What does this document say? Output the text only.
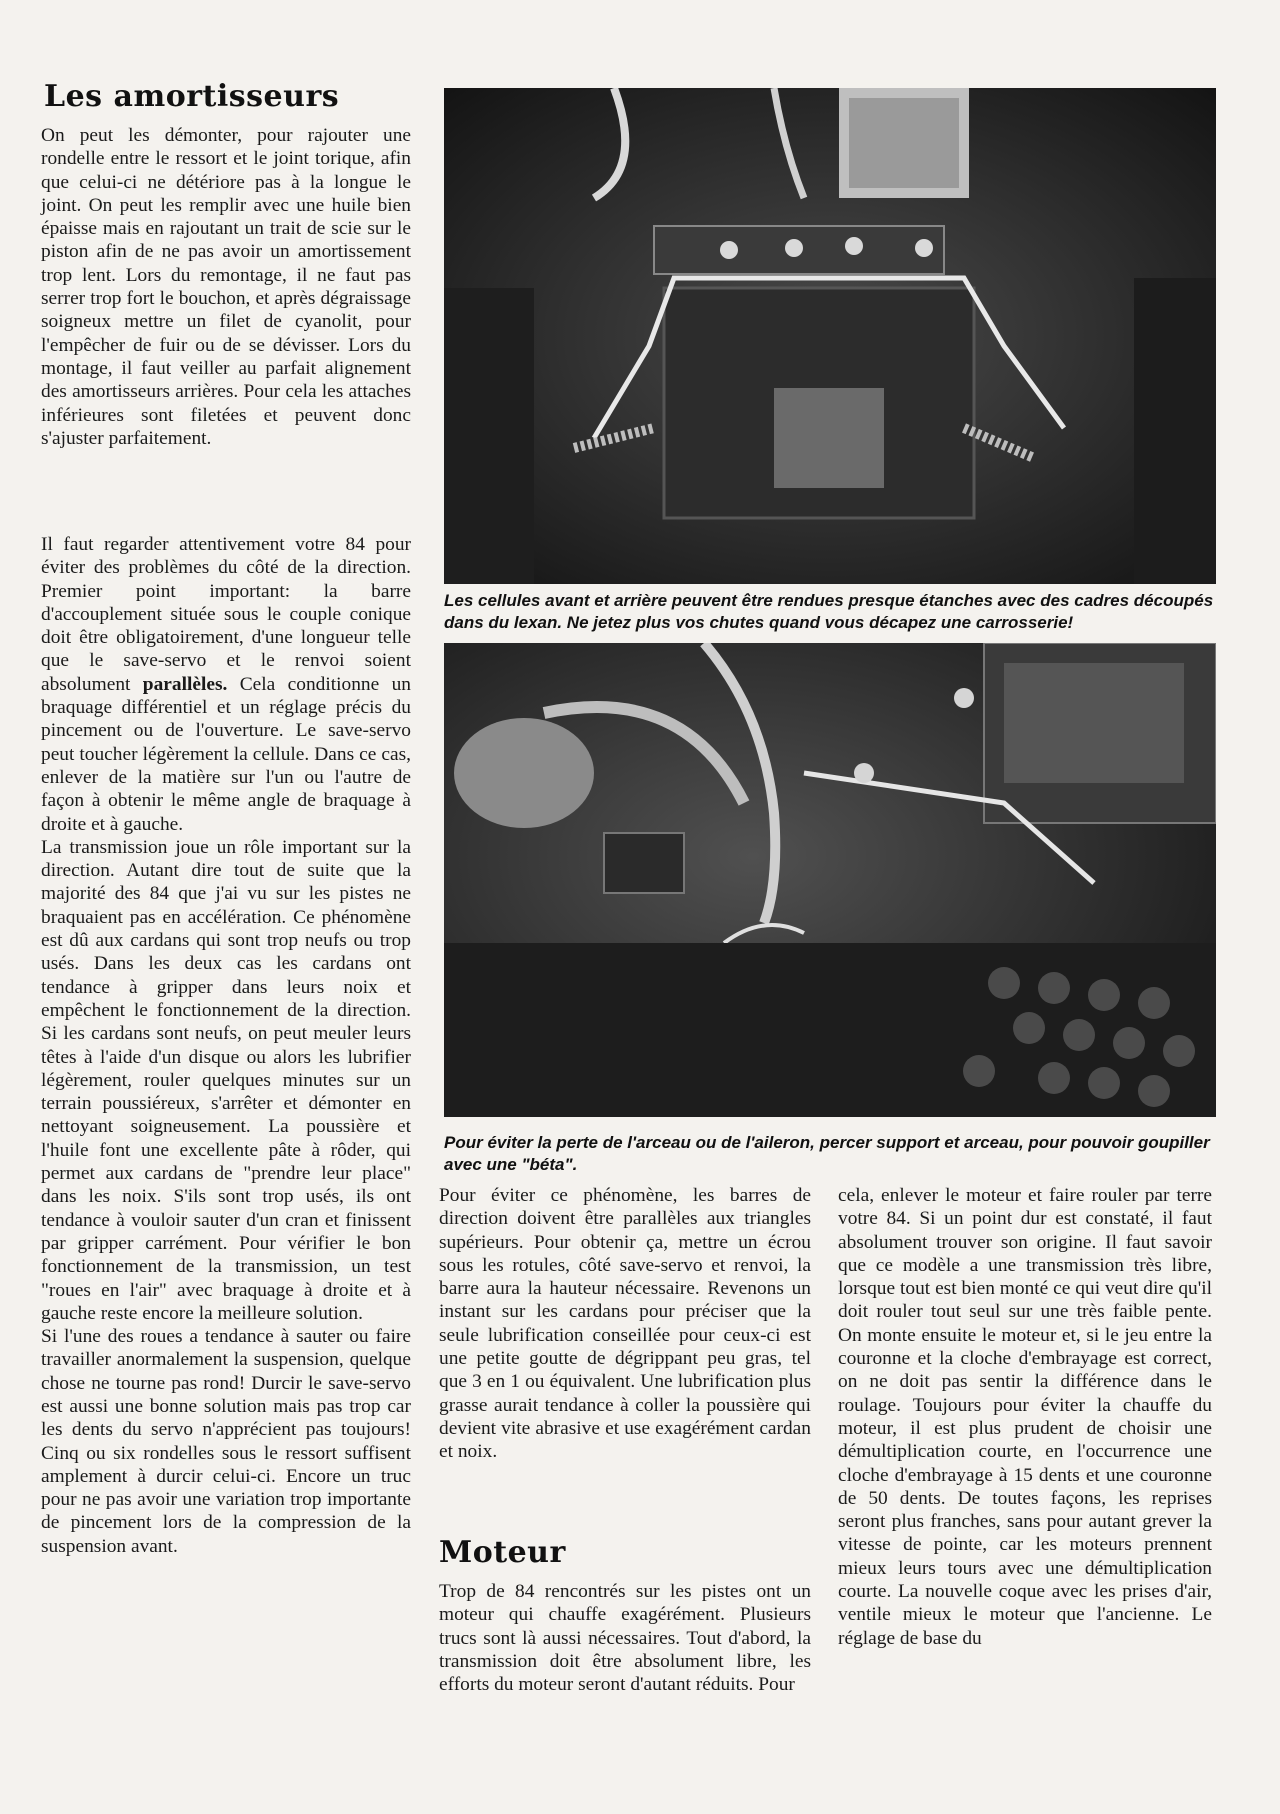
Les amortisseurs

On peut les démonter, pour rajouter une rondelle entre le ressort et le joint torique, afin que celui-ci ne détériore pas à la longue le joint. On peut les remplir avec une huile bien épaisse mais en rajoutant un trait de scie sur le piston afin de ne pas avoir un amortissement trop lent. Lors du remontage, il ne faut pas serrer trop fort le bouchon, et après dégraissage soigneux mettre un filet de cyanolit, pour l'empêcher de fuir ou de se dévisser. Lors du montage, il faut veiller au parfait alignement des amortisseurs arrières. Pour cela les attaches inférieures sont filetées et peuvent donc s'ajuster parfaitement.

Il faut regarder attentivement votre 84 pour éviter des problèmes du côté de la direction. Premier point important: la barre d'accouplement située sous le couple conique doit être obligatoirement, d'une longueur telle que le save-servo et le renvoi soient absolument parallèles. Cela conditionne un braquage différentiel et un réglage précis du pincement ou de l'ouverture. Le save-servo peut toucher légèrement la cellule. Dans ce cas, enlever de la matière sur l'un ou l'autre de façon à obtenir le même angle de braquage à droite et à gauche.

La transmission joue un rôle important sur la direction. Autant dire tout de suite que la majorité des 84 que j'ai vu sur les pistes ne braquaient pas en accélération. Ce phénomène est dû aux cardans qui sont trop neufs ou trop usés. Dans les deux cas les cardans ont tendance à gripper dans leurs noix et empêchent le fonctionnement de la direction. Si les cardans sont neufs, on peut meuler leurs têtes à l'aide d'un disque ou alors les lubrifier légèrement, rouler quelques minutes sur un terrain poussiéreux, s'arrêter et démonter en nettoyant soigneusement. La poussière et l'huile font une excellente pâte à rôder, qui permet aux cardans de "prendre leur place" dans les noix. S'ils sont trop usés, ils ont tendance à vouloir sauter d'un cran et finissent par gripper carrément. Pour vérifier le bon fonctionnement de la transmission, un test "roues en l'air" avec braquage à droite et à gauche reste encore la meilleure solution.

Si l'une des roues a tendance à sauter ou faire travailler anormalement la suspension, quelque chose ne tourne pas rond! Durcir le save-servo est aussi une bonne solution mais pas trop car les dents du servo n'apprécient pas toujours! Cinq ou six rondelles sous le ressort suffisent amplement à durcir celui-ci. Encore un truc pour ne pas avoir une variation trop importante de pincement lors de la compression de la suspension avant.

Les cellules avant et arrière peuvent être rendues presque étanches avec des cadres découpés dans du lexan. Ne jetez plus vos chutes quand vous décapez une carrosserie!

Pour éviter la perte de l'arceau ou de l'aileron, percer support et arceau, pour pouvoir goupiller avec une "béta".

Pour éviter ce phénomène, les barres de direction doivent être parallèles aux triangles supérieurs. Pour obtenir ça, mettre un écrou sous les rotules, côté save-servo et renvoi, la barre aura la hauteur nécessaire. Revenons un instant sur les cardans pour préciser que la seule lubrification conseillée pour ceux-ci est une petite goutte de dégrippant peu gras, tel que 3 en 1 ou équivalent. Une lubrification plus grasse aurait tendance à coller la poussière qui devient vite abrasive et use exagérément cardan et noix.

Moteur

Trop de 84 rencontrés sur les pistes ont un moteur qui chauffe exagérément. Plusieurs trucs sont là aussi nécessaires. Tout d'abord, la transmission doit être absolument libre, les efforts du moteur seront d'autant réduits. Pour

cela, enlever le moteur et faire rouler par terre votre 84. Si un point dur est constaté, il faut absolument trouver son origine. Il faut savoir que ce modèle a une transmission très libre, lorsque tout est bien monté ce qui veut dire qu'il doit rouler tout seul sur une très faible pente. On monte ensuite le moteur et, si le jeu entre la couronne et la cloche d'embrayage est correct, on ne doit pas sentir la différence dans le roulage. Toujours pour éviter la chauffe du moteur, il est plus prudent de choisir une démultiplication courte, en l'occurrence une cloche d'embrayage à 15 dents et une couronne de 50 dents. De toutes façons, les reprises seront plus franches, sans pour autant grever la vitesse de pointe, car les moteurs prennent mieux leurs tours avec une démultiplication courte. La nouvelle coque avec les prises d'air, ventile mieux le moteur que l'ancienne. Le réglage de base du
